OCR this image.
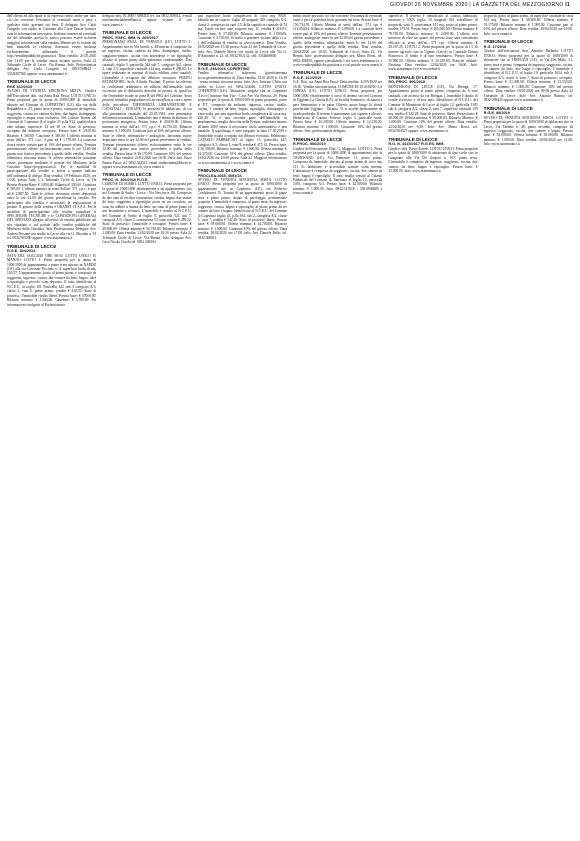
GIOVEDÌ 26 NOVEMBRE 2020 | LA GAZZETTA DEL MEZZOGIORNO I1

dell'offerta ed alla quale si fa espressa rinvio anche per tutto ciò che concerne l'esistenza di eventuali oneri a peso a qualsiasi titolo gravanti sui beni. Il delegato Avv. Carlo Congedo con studio in Casarano alla Corte Tancia fornisce tutte le informazioni necessarie. Indirizzi internet ed eventuali siti del tribunale, presso lo stesso possono essere richieste maggiori informazioni sulla vendita. Mentre per la visione dei beni immobili le richieste dovranno essere inoltrate esclusivamente utilizzando il portale http://venditepubbliche.giustizia.it. Data vendita: 21.05.2020 Ore 14:00 per la vendita senza incanto presso Aula 22 Tribunale Civile di Lecce. Via Brenta. Info: Professionista delegato Avv. Carlo Congedo tel. 0833/568842 - 335/8407560 oppure: www.asteannunci.it

TRIBUNALE DI LECCE
RGE 162/2019

AVVISO DI VENDITA SINCRONA MISTA. Giudice dell'Esecuzione dott. ssa Anna Rita Pasca. LOTTO UNICO: Piena proprietà per la quota di 1000/1000 di immobile ubicato nel Comune di COPERTINO (LE) alla via della Repubblica n. 35, piano terra e primo, composto da ingresso, soggiorno, cucina, tre camere da letto, due bagni, disimpegno, ripostiglio e ampia corte esclusiva. Nel Catasto Terreni del Comune di Copertino (Le) foglio 35 p.lla 914, qualità/classe ente urbano, superficie 14 are 38 ca. Stato di possesso: occupato dal debitore esecutato. Prezzo base € 3.850,00. Rilancio € 360,00. Cauzione € 385,00. L'offerta minima ai sensi dell'art. 571 c.p.c. è pari ad € 1.776,00. La cauzione dovrà essere versata pari al 10% del prezzo offerto. Termine presentazione offerte: esclusivamente entro le ore 12.00 del giorno non festivo precedente a quello della vendita. Vendita telematica sincrona mista: le offerte telematiche potranno essere presentate mediante il portale del Ministero della Giustizia https://pvp.giustizia.it. Per le modalità di partecipazione alle vendite si rinvia a quanto indicato nell'ordinanza di delega. Data vendita: 19 Febbraio 2020, ore 13:00, presso Aula 1, 2 Tribunale Civile di Lecce, in Via Brenta. Prezzo Base: € 3.850,00. Rilancio € 350,00. Cauzione € 385,00. L'offerta minima ai sensi dell'art. 571 c.p.c. è pari ad € 2.887,50. Tutte le offerte dovranno essere depositate entro le ore 12.00 del giorno precedente la vendita. Per partecipare alla vendita è necessario la registrazione al portale. Il gestore della vendita è ORANET IT S.P.A. Per le modalità di partecipazione alle vendite consultare le SPECIFICHE TECNICHE e le CONDIZIONI GENERALI DEL SERVIZIO allegate all'avviso di vendita pubblicato sul sito riportato e sul portale delle vendite pubbliche del Ministero della Giustizia. Info Professionista Delegato Avv. Andrea Persone con studio in Lecce alla via G. Oberdan n. 55 tel. 0832/305290 oppure: www.asteannunci.it

TRIBUNALE DI LECCE
R.G.E. 304/2014

ASTA DEL 18.02.2020 ORE 08:50. LOTTO UNICO 10 MANNO. LOTTO 1: Piena proprietà per la quota di 1000/1000 di appartamento a piano terra ubicato in NARDÒ (LE) alla via Cascinno Piccione n. 4, superficie lorda di mq. 130,57. L'appartamento, posto al primo piano, è composto da soggiorno, ingresso, cucina, due camere da letto, bagno, oltre a ripostiglio e piccolo vano deposito. Il tutto identificato al N.C.E.U. al foglio 101 Particella 442 sub 3 categoria A/3, classe 3, vani 6, piano primo, rendita € 418,33. Stato di possesso: l'immobile risulta libero. Prezzo base: € 57000,00. Rilancio minimo: € 1.500,00. Cauzione: € 5.700,00. Per informazioni rivolgersi al Professionista

delegato dott. ELISEO APRILE tel. fax 0832.309014, e-mail massimoberlanteriellimo.it oppure visitare il sito www.oranet.it

TRIBUNALE DI LECCE
PROC. ESEC. IMM. N. 260/2017

PRESIGNANO FRAZ. DI VERNOLE (LE). LOTTO 1: Appartamento sito in Via lucedi, n. 48/interno 4 composto da un ingresso, cucina, camera da letto, disimpegno, studio, soggiorno-pranzo, cucina con lavanderia e un ripostiglio ubicato al primo piano della palazzina condominiale. Dati catastali: foglio 5, particella 542 sub 7, categoria A/2, classe 2, vani 5.5, superficie catastale 144 mq, rendita € 298,82. Le opere realizzate in assenza di titolo edilizio sono sanabili. L'immobile è occupato dal debitore esecutato. PERITO ESTIMATORE: Arch. Alfredo Piccinni. Il perito ha rilevato la conformità urbanistica ed edilizia dell'immobile fatta eccezione per le difformità descritte in perizia. Si specifica che l'immobile ricade in zona B del PRG del Comune. Sono presenti formalità pregiudizievoli da cancellare a cura e spese della procedura. DIFFORMITÀ URBANISTICHE E CATASTALI - EDILIZIE: le porzioni di fabbricato, di cui alla planimetria catastale del 25.05.1961, non presentano difformità sostanziali. L'immobile non è dotato di attestato di prestazione energetica. Prezzo base: € 49.000,00. Offerta minima ai sensi dell'art. 571 c.p.c. € 36.750,00. Rilancio minimo: € 1.000,00. Cauzione pari al 10% del prezzo offerto. Tutte le offerte, telematiche e analogiche, dovranno essere depositate entro le ore 12:00 del giorno precedente la vendita. Termine presentazione offerte: esclusivamente entro le ore 12.00 del giorno non festivo precedente a quello della vendita. Prezzo base: € 26.170,00. Cauzione 10% del prezzo offerto. Data vendita: 21/02/2020 ore 10:30. Info: dott. Enzo Emma Pasca, tel. 0832.344511, email studioemma@libero.it; oppure www.asteannunci.it; www.oranet.it

TRIBUNALE DI LECCE
PROC. N. 306/2016 R.G.E.

COMUNE DI SURBO. LOTTO UNICO: Piena proprietà per la quota di 1000/1000 relativamente a un appartamento sito nel Comune di Surbo - Lecce - Via Newton n. 86. Composto da due vani di vecchia costruzione, cucina, bagno, due stanze da letto, soggiorno e ripostiglio posto su un corridoio, un vano da adibire a stanza da letto, un vano al primo piano ad uso lavanderia e terrazzo. L'immobile è censito al N.C.E.U. del Comune di Surbo al foglio 9, particella 321 sub 7, categoria A/3, classe 2, consistenza 5,5 vani, rendita € 289,22. Stato di possesso: l'immobile è occupato. Prezzo base: € 49.000,00. Offerta minima € 36.750,00. Rilancio minimo: € 1.000,00. Data vendita: 21/02/2020 ore 10:30 presso Aula 22 Tribunale Civile di Lecce, Via Brenta. Info: delegato Avv. Luca Nicola Ciardo tel. 0832.306304

una superficie lorda complessiva di circa mq 90,00. Identificato in catasto: foglio 20 mappale 365 categoria A/4, classe 2, composto da vani 4,5, della superficie catastale di 74 mq. Totale escluse aree scoperte mq. 11, rendita € 216,91. Prezzo base: € 37.200,00; Rilancio minimo: € 1.000,00; Cauzione: € 3.720,00. Si invita a prendere visione della c.t.u. e dell'ordinanza di vendita su www.oranet.it. Data Vendita: 18/02/2020 ore 15:30 presso Aula 23 del Tribunale di Lecce. Info: Avv. Daniele Messa con studio in Lecce alla Via G. D'Annunzio n. 23, tel. 0832/302132; cell. 3334668656

TRIBUNALE DI LECCE
R.G.E. 246/2016 COPERTINO

Vendita telematica asincrona (giustiziamania www.gestaletelematica.it). Data vendita: 25.01.2020 h. 14:30 - senza incanto sincrona mista. Info: Avv. Antonio Chiru con studio in Lecce tel. 0832.324046. LOTTO UNICO: COPERTINO (LE). Abitazione singola sita in Copertino (Lecce) frazione San Vito - Case Ave Via Brescia, 29. Piena proprietà per la quota di 1000/1000 di piena proprietà, posto al P.T., composto da androne, ingresso, cucina, tinello, cucina, 3 camere da letto, bagno, ripostiglio, disimpegno e vano scala, per una superficie linda complessiva di circa mq. 220,39. Vi è una seconda parte dell'immobile, in ampliamento, meglio descritta nella Perizia, realizzata intorno all'anno 2000 senza il necessario titolo autorizzativo e non sanabile. Il sopraluogo è stato eseguito in data 17.10.2019 e l'immobile risulta occupato dai debitori esecutati. Fabbricato: CATASTO FABBRICATI al foglio 15, particella 447, categoria A/3, classe 3, vani 8, rendita € 475,14. Prezzo base: € 56.500,00. Rilancio minimo: € 1.000,00. Offerta minima: € 42.375,00. Cauzione 10% del prezzo offerto. Data vendita: 13/02/2020 ore 10:00 presso Aula 22. Maggiori informazioni su www.asteannunci.it e www.oranet.it

TRIBUNALE DI LECCE
PROCLEA.2668, 3691/16

AVVISO DI VENDITA SINCRONA MISTA. LOTTO UNICO: Piena proprietà per la quota di 1000/1000 di appartamento sito in Copertino (LE), via Federico Confalonieri 15. Trattasi di un appartamento posto al piano terra e piano primo, dotato di parcheggio pertinenziale scoperto. L'immobile è composto, al piano terra, da ingresso-soggiorno, cucina, bagno e ripostiglio; al piano primo da tre camere da letto e bagno. Identificato al N.C.E.U. del Comune di Copertino foglio 23, p.lla 564, sub 2, categoria A/2, classe 3, vani 7, rendita € 542,28. Stato di possesso: libero. Prezzo base: € 59.600,00. Offerta minima: € 44.700,00. Rilancio minimo: € 1.000,00. Cauzione 10% del prezzo offerto. Data vendita: 20/02/2020 ore 17:00. Info: Avv. Daniele Bello, tel. 0832.306811

minio anche per tutto ciò che concerne l'esistenza di eventuali oneri e pesi a qualsiasi titolo gravanti sui beni. Prezzo base: € 150.734,59. Offerta Minima ai sensi dell'art. 571 cpc € 113.050,94. Rilancio minimo: € 2.000,00. La cauzione deve essere pari al 10% del prezzo offerto. Termine presentazione offerte: analogiche: entro le ore 12.00 del giorno precedente a quello della vendita; telematiche: entro le ore 12.00 del giorno precedente a quello della vendita. Data vendita: 20/02/2020 ore 10:30. Tribunale di Lecce, Aula 22, Via Brenta. Info: professionista delegato avv. Mario Rossi, tel. 0832.458450, oppure consultando i siti www.asteannunci.it e www.venditepubbliche.giustizia.it e sul portale www.oranet.it

TRIBUNALE DI LECCE
R.G.E. 412/2019

G.E. Dott. ssa Anna Rita Pasca. Data vendita: 22/05/2020 ore 16:30. Vendita sincrona mista. COMUNE DI UGGIANO LA CHIESA (LE). LOTTO UNICO: Piena proprietà per 1000/1000, relativamente a corso di terreno sito nel Comune di Uggiano La Chiesa (LE), in località Sanmoreo, di natura e pars Seminativo e in parte Oliveto, posto lungo la strada provinciale Uggiano - Otranto. Vi si accede direttamente da strada poderale. Il terreno è piantumato con vigneto e oliveto. Identificato al Catasto Terreni: foglio 3, particelle varie. Prezzo base: € 16.200,00. Offerta minima: € 12.150,00. Rilancio minimo: € 1.000,00. Cauzione: 10% del prezzo offerto. Info: professionista delegato.

TRIBUNALE DI LECCE
R.PROC. 506/2019

Giudice dell'esecuzione: Dott. G. Maggiore. LOTTO 1: Piena proprietà per la quota di 1000/1000 di appartamento sito in TAURISANO (LE), Via Piemonte, 13, piano primo. Composto da immobile, ubicato al piano primo di circa mq. 111 Ai fabbricato è accessibile tramite scala interna. L'abitazione è composta da soggiorno, cucina, due camere da letto, bagno e ripostiglio. Il tutto risulta censito al Catasto Fabbricati del Comune di Taurisano al foglio 12, particella 1055, categoria A/3. Prezzo base: € 42.000,00. Rilancio minimo: € 1.000,00. Info: 0832/317618 - 339.6936685 e www.oranet.it

superficie. Il terreno è identificato al catasto fabbricati: intestato a NXN foglio 10 mappale 362 sub/allineo di proprietà, vani 3, consistenza 141 mq, posto al piano primo, rendita 179,54. Prezzo base: € 105.000,00. Offerta minima: € 78.750,00. Rilancio minimo: € 2.000,00. L'offerta non inferiore di oltre un quarto del prezzo base sarà considerata efficace ai sensi dell'art. 571 cpc. Offerta minima: € 20.167,25. LOTTO 2: Piena proprietà per la quota di 1/1 di terreno agricolo sito in Ugento (Lecce) in Contrada Donna Francesca. Il fondo è di tipo seminativo. Prezzo base: € 35.000,00. Offerta minima: € 26.250,00. Pratiche edilizie: Nessuna. Data vendita: 12/02/2020 ore 16:00. Info: www.asteannunci.it e www.oranet.it

TRIBUNALE DI LECCE
RG. PROC. 506/2018

MONTERONI DI LECCE (LE), Via Brenga, 17. Appartamento posto al piano primo, composto da 6 vani catastali, con accesso da via Brengas. L'immobile è dotato di cortile esclusivo e di box auto. Identificato al N.C.E.U. del Comune di Monteroni di Lecce al foglio 12, particella 3185 sub 4, categoria A/2, classe 2, vani 7, superficie catastale 159 mq, rendita € 542,28. Stato di possesso: libero. Prezzo base: € 40.000,00. Offerta minima: € 30.000,00. Rilancio Minimo: € 1.000,00. Cauzione 10% del prezzo offerto. Data vendita: 22/02/2020 ore 9:30. Info: Avv. Maria Rossi, tel. 0832/304525 oppure: www.asteannunci.it

TRIBUNALE DI LECCE
R.G. N. 4415/2017 R.G.ES. IMM.

Giudice: dott. Pietro Errede. LOTTO UNICO: Piena proprietà per la quota di 1000/1000 di abitazione di tipo civile sito in Guagnano alla Via De Gasperi n. 167, piano terra. L'immobile è composto da ingresso, soggiorno, cucina, due camere da letto, bagno e ripostiglio. Prezzo base: € 33.000,00. Info: www.asteannunci.it

proprietà, posto al piano primo, di superficie catastale di circa 102 mq. Prezzo base: € 46.900,00. Offerta minima: € 35.175,00. Rilancio minimo € 1.000,00. Cauzione pari al 10% del prezzo offerto. Data vendita: 20/02/2020 ore 10:00. Info: www.oranet.it

TRIBUNALE DI LECCE
R.G. 17/2018

Giudice dell'esecuzione dott. Antonio Barbetta. LOTTO UNICO: Piena proprietà per la quota di 1000/1000 di abitazione sita in TREPUZZI (LE), in Via Dei Mille, 31, piano terra e primo, composta da ingresso, soggiorno, cucina, tre camere da letto, due bagni e ripostiglio. L'immobile è identificato al N.C.E.U. al foglio 19, particella 1024, sub 3, categoria A/3, classe 3, vani 7. Stato di possesso: occupato. Prezzo base: € 31.400,00. Offerta minima: € 23.550,00. Rilancio minimo: € 1.000,00. Cauzione: 10% del prezzo offerto. Data vendita: 19/02/2020 ore 09:00 presso Aula 22 Tribunale di Lecce. Info: Avv. Antonio Bianco, tel. 0832/299445 oppure www.asteannunci.it

TRIBUNALE DI LECCE
R.G.E. 88/2019

AVVISO DI VENDITA SINCRONA MISTA. LOTTO 1: Piena proprietà per la quota di 1000/1000 di fabbricato sito in Lecce, Via Taranto n. 48, piano secondo, composto da ingresso, soggiorno, cucina, due camere e bagno. Prezzo base: € 52.000,00. Offerta minima: € 39.000,00. Rilancio minimo: € 1.000,00. Data vendita: 26/02/2020 ore 11:00. Info: www.asteannunci.it
